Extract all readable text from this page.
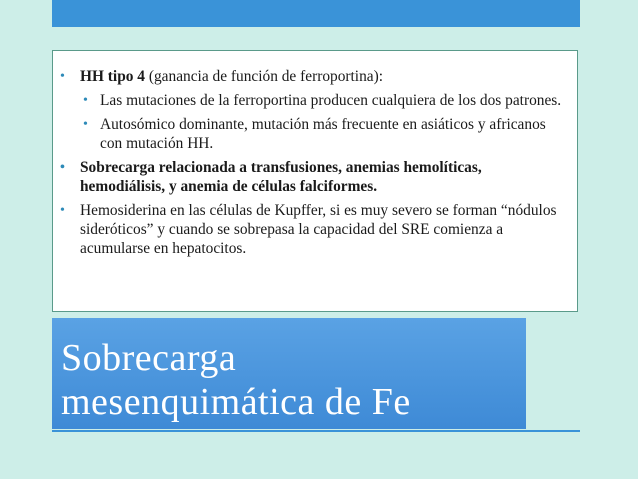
• HH tipo 4 (ganancia de función de ferroportina):
• Las mutaciones de la ferroportina producen cualquiera de los dos patrones.
• Autosómico dominante, mutación más frecuente en asiáticos y africanos con mutación HH.
• Sobrecarga relacionada a transfusiones, anemias hemolíticas, hemodiálisis, y anemia de células falciformes.
• Hemosiderina en las células de Kupffer, si es muy severo se forman “nódulos sideróticos” y cuando se sobrepasa la capacidad del SRE comienza a acumularse en hepatocitos.
Sobrecarga
mesenquimática de Fe
